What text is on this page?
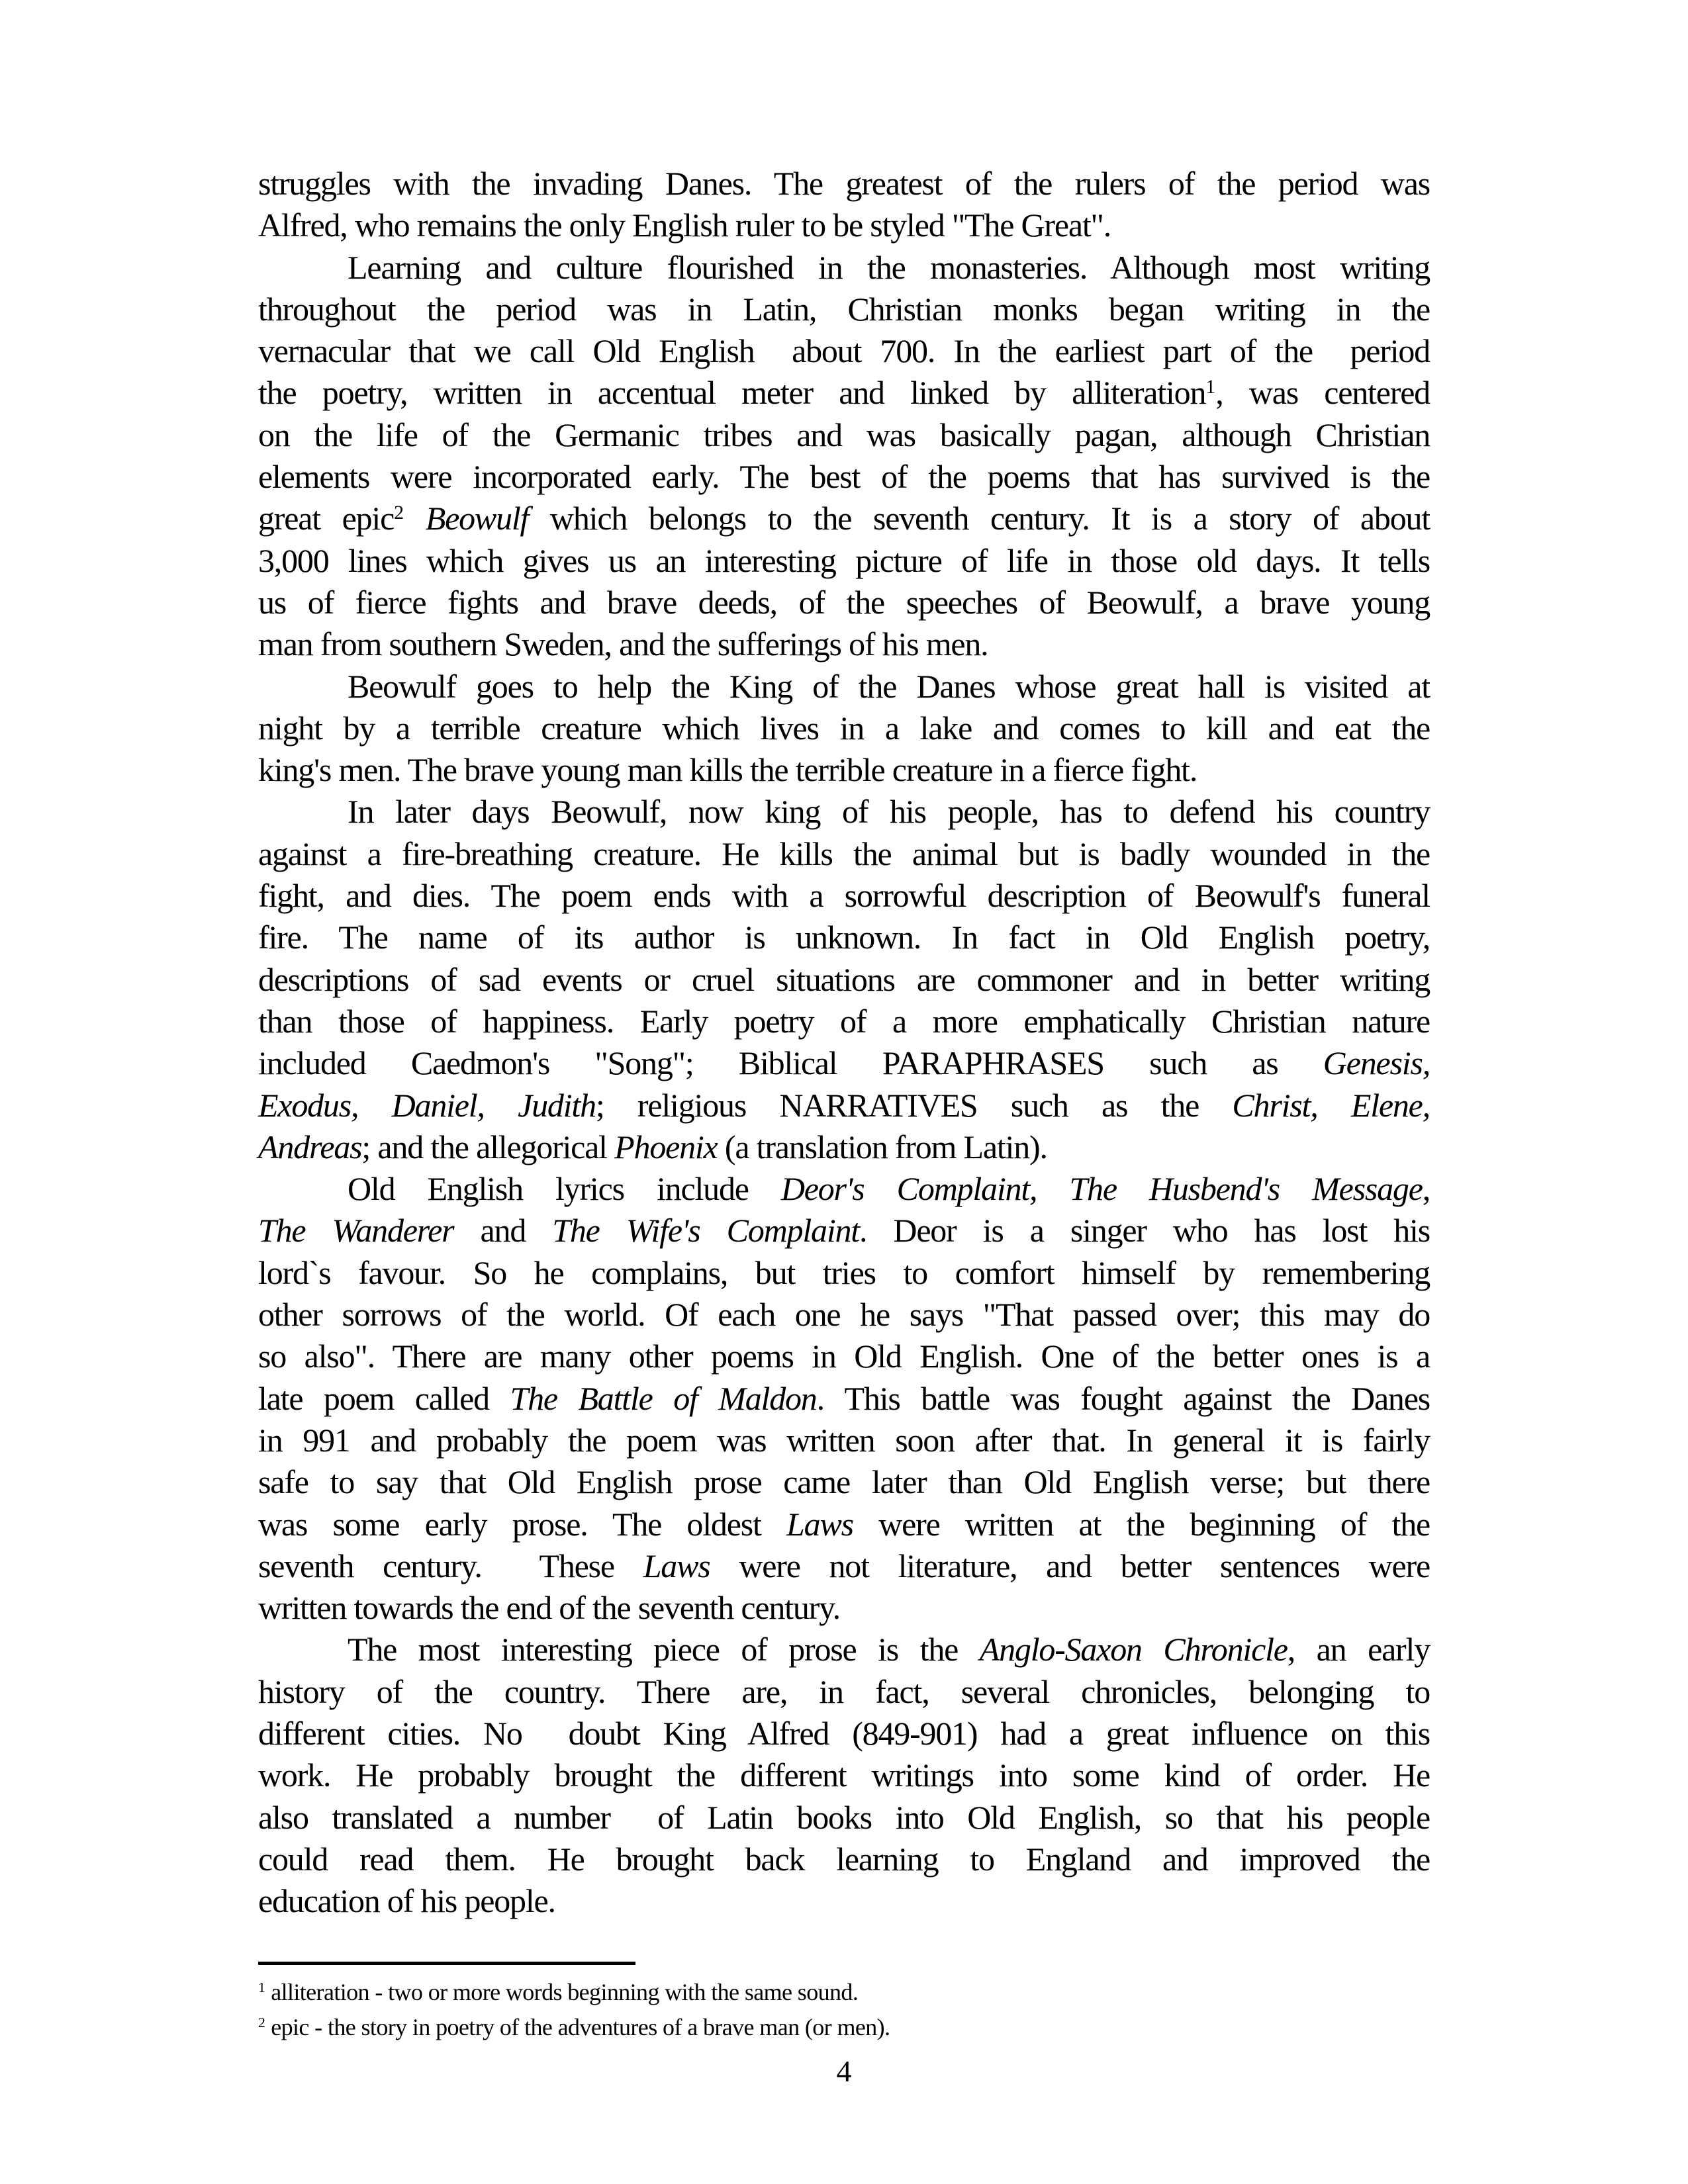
struggles with the invading Danes. The greatest of the rulers of the period was
Alfred, who remains the only English ruler to be styled "The Great".
Learning and culture flourished in the monasteries. Although most writing
throughout the period was in Latin, Christian monks began writing in the
vernacular that we call Old English  about 700. In the earliest part of the  period
the poetry, written in accentual meter and linked by alliteration$^1$, was centered
on the life of the Germanic tribes and was basically pagan, although Christian
elements were incorporated early. The best of the poems that has survived is the
great epic$^2$ Beowulf which belongs to the seventh century. It is a story of about
3,000 lines which gives us an interesting picture of life in those old days. It tells
us of fierce fights and brave deeds, of the speeches of Beowulf, a brave young
man from southern Sweden, and the sufferings of his men.
Beowulf goes to help the King of the Danes whose great hall is visited at
night by a terrible creature which lives in a lake and comes to kill and eat the
king's men. The brave young man kills the terrible creature in a fierce fight.
In later days Beowulf, now king of his people, has to defend his country
against a fire-breathing creature. He kills the animal but is badly wounded in the
fight, and dies. The poem ends with a sorrowful description of Beowulf's funeral
fire. The name of its author is unknown. In fact in Old English poetry,
descriptions of sad events or cruel situations are commoner and in better writing
than those of happiness. Early poetry of a more emphatically Christian nature
included Caedmon's "Song"; Biblical PARAPHRASES such as Genesis,
Exodus, Daniel, Judith; religious NARRATIVES such as the Christ, Elene,
Andreas; and the allegorical Phoenix (a translation from Latin).
Old English lyrics include Deor's Complaint, The Husbend's Message,
The Wanderer and The Wife's Complaint. Deor is a singer who has lost his
lord`s favour. So he complains, but tries to comfort himself by remembering
other sorrows of the world. Of each one he says "That passed over; this may do
so also". There are many other poems in Old English. One of the better ones is a
late poem called The Battle of Maldon. This battle was fought against the Danes
in 991 and probably the poem was written soon after that. In general it is fairly
safe to say that Old English prose came later than Old English verse; but there
was some early prose. The oldest Laws were written at the beginning of the
seventh century.  These Laws were not literature, and better sentences were
written towards the end of the seventh century.
The most interesting piece of prose is the Anglo-Saxon Chronicle, an early
history of the country. There are, in fact, several chronicles, belonging to
different cities. No  doubt King Alfred (849-901) had a great influence on this
work. He probably brought the different writings into some kind of order. He
also translated a number  of Latin books into Old English, so that his people
could read them. He brought back learning to England and improved the
education of his people.
$^1$ alliteration - two or more words beginning with the same sound.
$^2$ epic - the story in poetry of the adventures of a brave man (or men).
4
